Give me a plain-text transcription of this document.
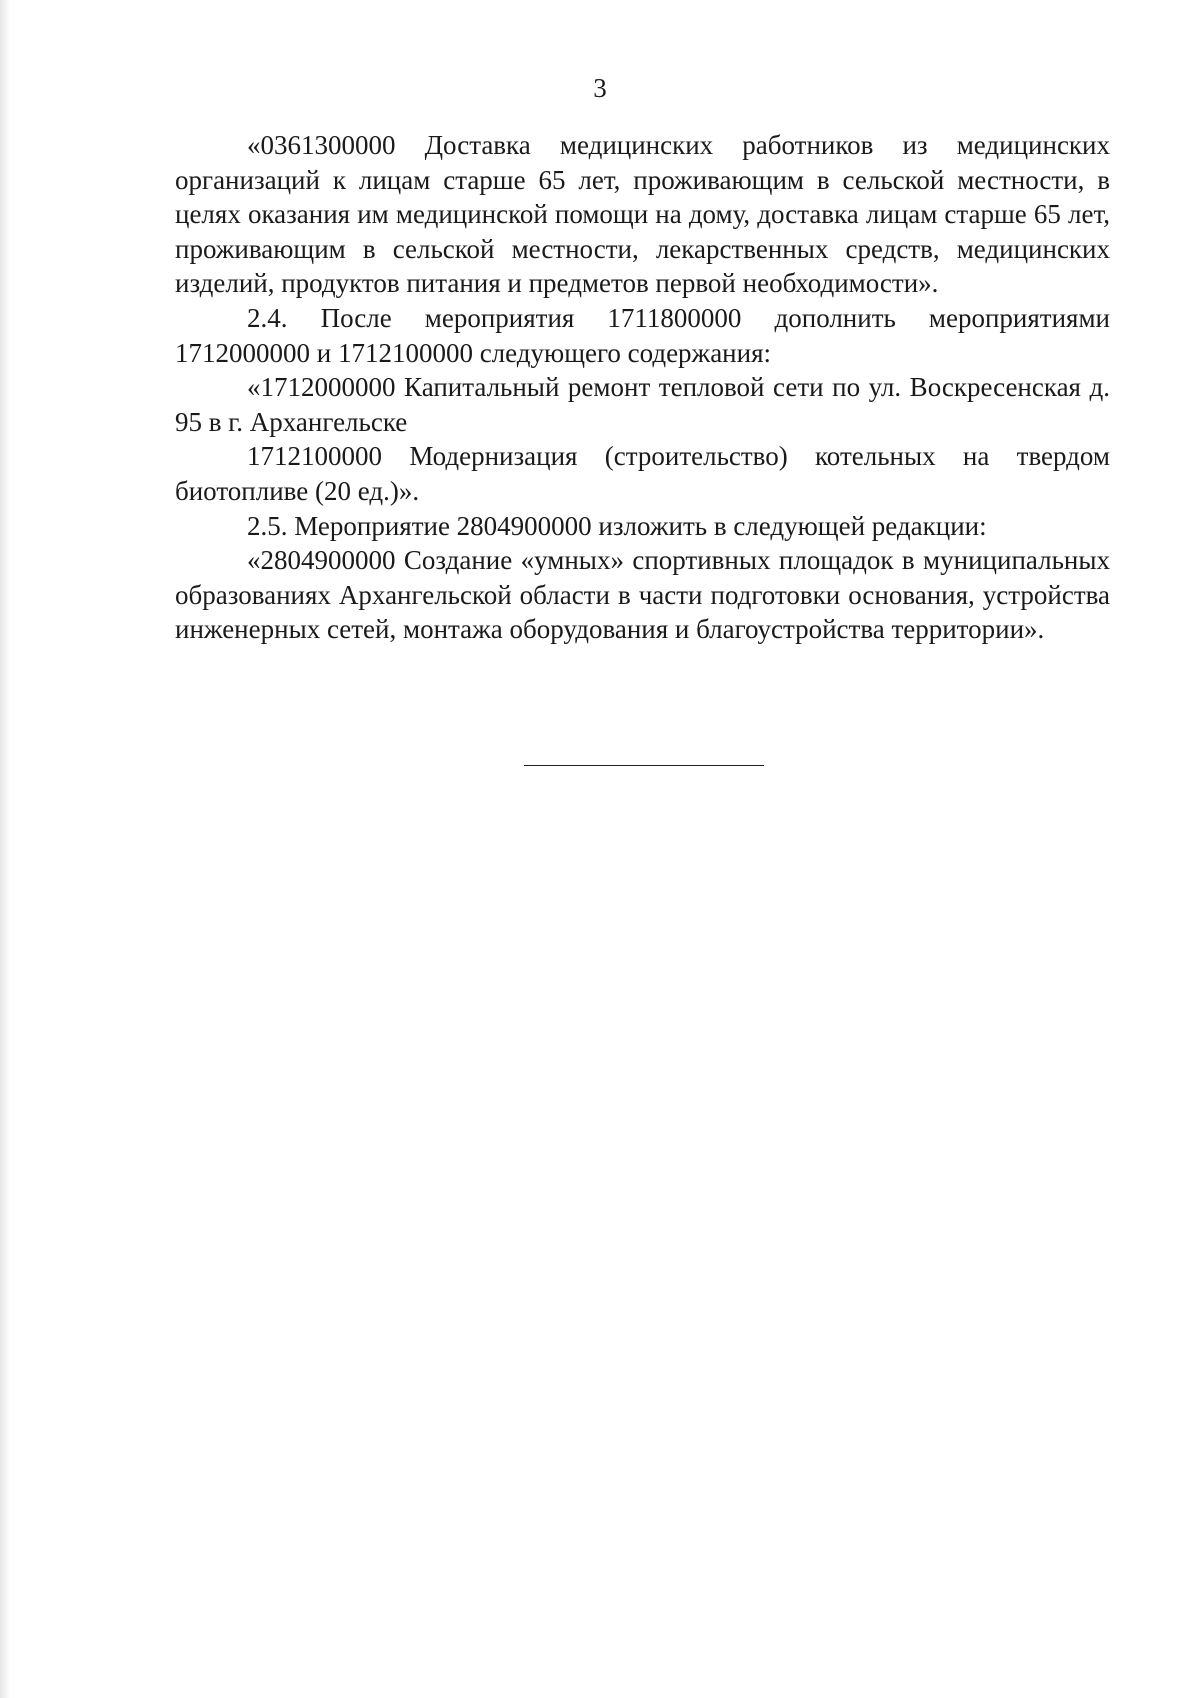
3

«0361300000 Доставка медицинских работников из медицинских организаций к лицам старше 65 лет, проживающим в сельской местности, в целях оказания им медицинской помощи на дому, доставка лицам старше 65 лет, проживающим в сельской местности, лекарственных средств, медицинских изделий, продуктов питания и предметов первой необходимости».

2.4. После мероприятия 1711800000 дополнить мероприятиями 1712000000 и 1712100000 следующего содержания:

«1712000000 Капитальный ремонт тепловой сети по ул. Воскресенская д. 95 в г. Архангельске

1712100000 Модернизация (строительство) котельных на твердом биотопливе (20 ед.)».

2.5. Мероприятие 2804900000 изложить в следующей редакции:

«2804900000 Создание «умных» спортивных площадок в муниципальных образованиях Архангельской области в части подготовки основания, устройства инженерных сетей, монтажа оборудования и благоустройства территории».
